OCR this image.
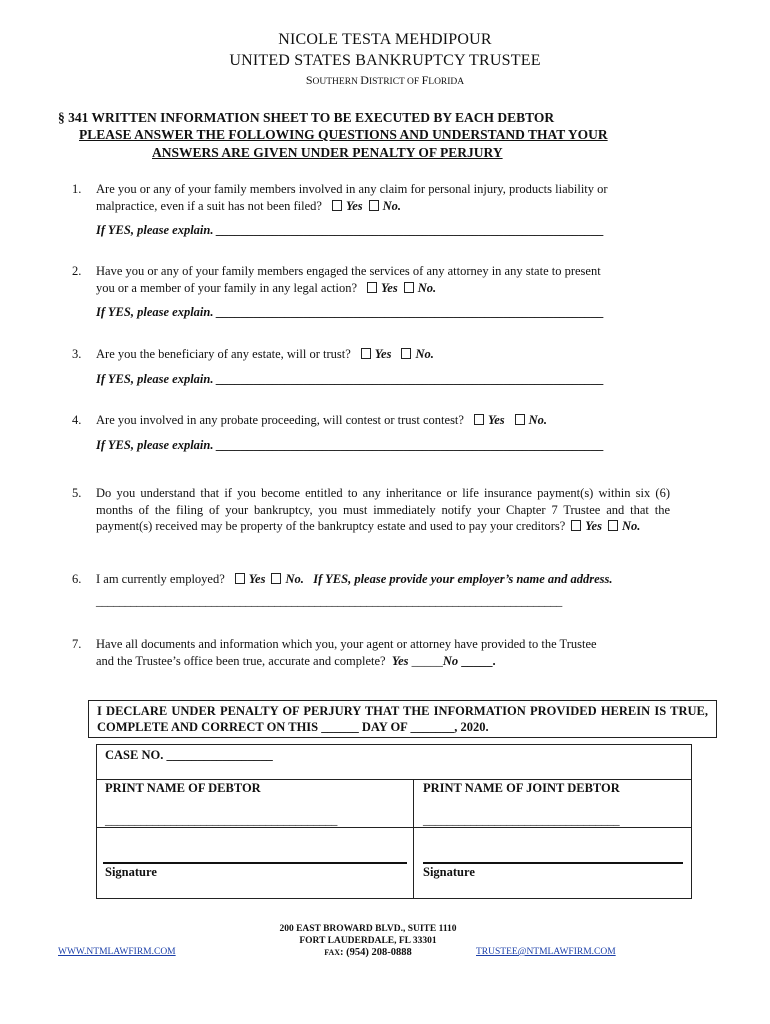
NICOLE TESTA MEHDIPOUR
UNITED STATES BANKRUPTCY TRUSTEE
SOUTHERN DISTRICT OF FLORIDA
§ 341 WRITTEN INFORMATION SHEET TO BE EXECUTED BY EACH DEBTOR
PLEASE ANSWER THE FOLLOWING QUESTIONS AND UNDERSTAND THAT YOUR
ANSWERS ARE GIVEN UNDER PENALTY OF PERJURY
1. Are you or any of your family members involved in any claim for personal injury, products liability or
malpractice, even if a suit has not been filed? Yes No.
If YES, please explain. ______________________________________________________________
2. Have you or any of your family members engaged the services of any attorney in any state to present
you or a member of your family in any legal action? Yes No.
If YES, please explain. ______________________________________________________________
3. Are you the beneficiary of any estate, will or trust? Yes No.
If YES, please explain. ______________________________________________________________
4. Are you involved in any probate proceeding, will contest or trust contest? Yes No.
If YES, please explain. ______________________________________________________________
5. Do you understand that if you become entitled to any inheritance or life insurance payment(s) within six (6) months of the filing of your bankruptcy, you must immediately notify your Chapter 7 Trustee and that the payment(s) received may be property of the bankruptcy estate and used to pay your creditors? Yes No.
6. I am currently employed? Yes No. If YES, please provide your employer’s name and address.
_________________________________________________________________________________
7. Have all documents and information which you, your agent or attorney have provided to the Trustee
and the Trustee’s office been true, accurate and complete? Yes _____No _____.

I DECLARE UNDER PENALTY OF PERJURY THAT THE INFORMATION PROVIDED HEREIN IS TRUE, COMPLETE AND CORRECT ON THIS ______ DAY OF _______, 2020.

CASE NO. _________________
PRINT NAME OF DEBTOR	PRINT NAME OF JOINT DEBTOR
_______________________________________	_________________________________
Signature	Signature
WWW.NTMLAWFIRM.COM
200 EAST BROWARD BLVD., SUITE 1110
FORT LAUDERDALE, FL 33301
FAX: (954) 208-0888	TRUSTEE@NTMLAWFIRM.COM
